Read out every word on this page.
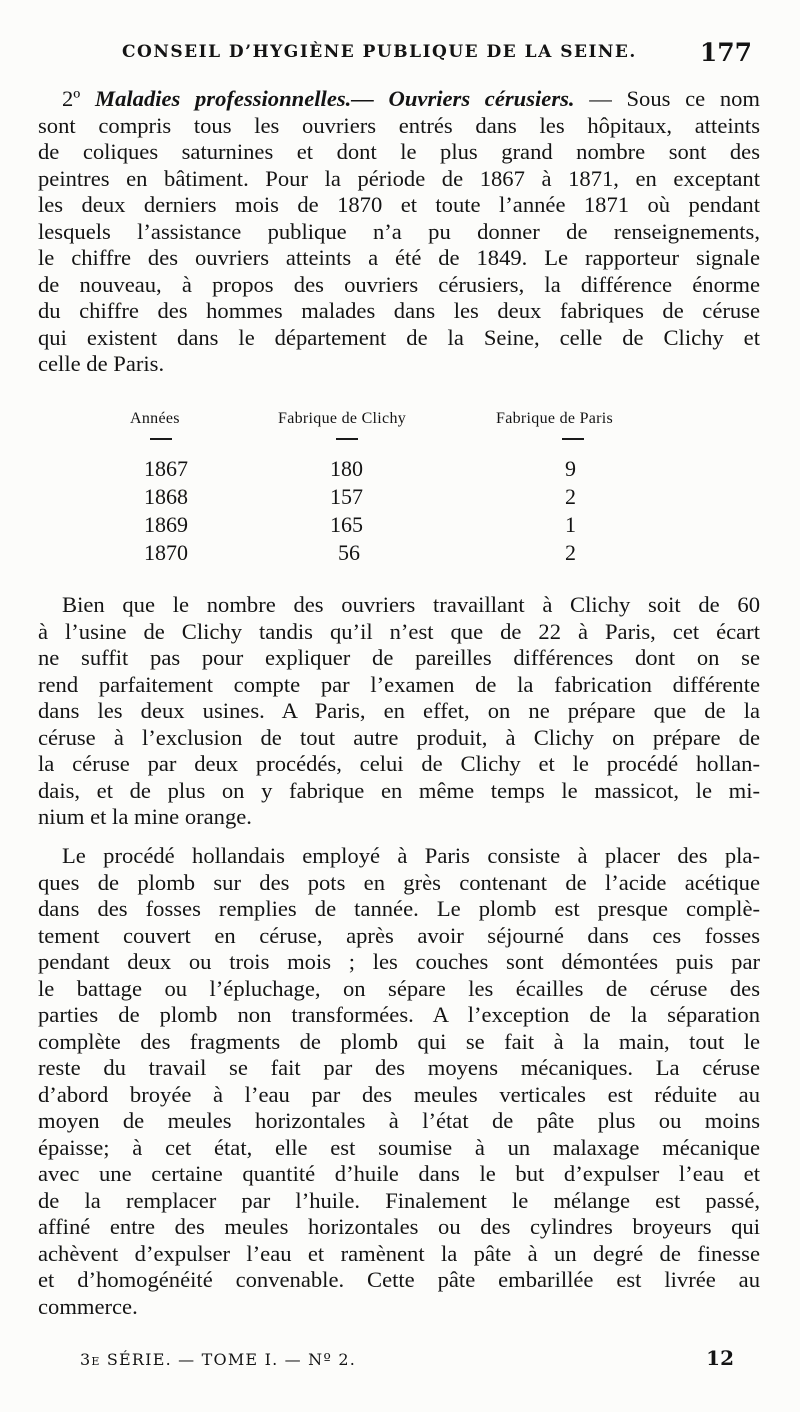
CONSEIL D’HYGIÈNE PUBLIQUE DE LA SEINE.	177
2º Maladies professionnelles.— Ouvriers cérusiers. — Sous ce nom
sont compris tous les ouvriers entrés dans les hôpitaux, atteints
de coliques saturnines et dont le plus grand nombre sont des
peintres en bâtiment. Pour la période de 1867 à 1871, en exceptant
les deux derniers mois de 1870 et toute l’année 1871 où pendant
lesquels l’assistance publique n’a pu donner de renseignements,
le chiffre des ouvriers atteints a été de 1849. Le rapporteur signale
de nouveau, à propos des ouvriers cérusiers, la différence énorme
du chiffre des hommes malades dans les deux fabriques de céruse
qui existent dans le département de la Seine, celle de Clichy et
celle de Paris.
Années	Fabrique de Clichy	Fabrique de Paris
1867	180	9
1868	157	2
1869	165	1
1870	56	2
Bien que le nombre des ouvriers travaillant à Clichy soit de 60
à l’usine de Clichy tandis qu’il n’est que de 22 à Paris, cet écart
ne suffit pas pour expliquer de pareilles différences dont on se
rend parfaitement compte par l’examen de la fabrication différente
dans les deux usines. A Paris, en effet, on ne prépare que de la
céruse à l’exclusion de tout autre produit, à Clichy on prépare de
la céruse par deux procédés, celui de Clichy et le procédé hollan-
dais, et de plus on y fabrique en même temps le massicot, le mi-
nium et la mine orange.
Le procédé hollandais employé à Paris consiste à placer des pla-
ques de plomb sur des pots en grès contenant de l’acide acétique
dans des fosses remplies de tannée. Le plomb est presque complè-
tement couvert en céruse, après avoir séjourné dans ces fosses
pendant deux ou trois mois ; les couches sont démontées puis par
le battage ou l’épluchage, on sépare les écailles de céruse des
parties de plomb non transformées. A l’exception de la séparation
complète des fragments de plomb qui se fait à la main, tout le
reste du travail se fait par des moyens mécaniques. La céruse
d’abord broyée à l’eau par des meules verticales est réduite au
moyen de meules horizontales à l’état de pâte plus ou moins
épaisse; à cet état, elle est soumise à un malaxage mécanique
avec une certaine quantité d’huile dans le but d’expulser l’eau et
de la remplacer par l’huile. Finalement le mélange est passé,
affiné entre des meules horizontales ou des cylindres broyeurs qui
achèvent d’expulser l’eau et ramènent la pâte à un degré de finesse
et d’homogénéité convenable. Cette pâte embarillée est livrée au
commerce.
3e SÉRIE. — TOME I. — Nº 2.	12
